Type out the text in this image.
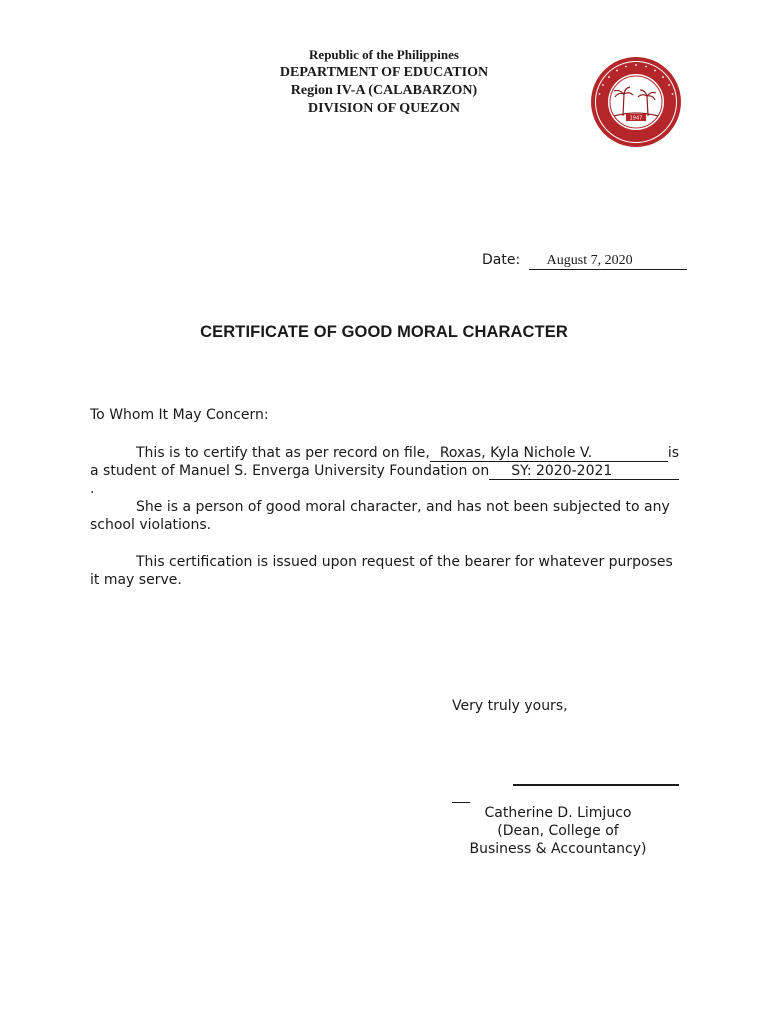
Republic of the Philippines
DEPARTMENT OF EDUCATION
Region IV-A (CALABARZON)
DIVISION OF QUEZON
1947
Date: August 7, 2020
CERTIFICATE OF GOOD MORAL CHARACTER
To Whom It May Concern:
This is to certify that as per record on file, Roxas, Kyla Nichole V.	is
a student of Manuel S. Enverga University Foundation on SY: 2020-2021.
She is a person of good moral character, and has not been subjected to any school violations.
This certification is issued upon request of the bearer for whatever purposes it may serve.
Very truly yours,
Catherine D. Limjuco
(Dean, College of
Business & Accountancy)
